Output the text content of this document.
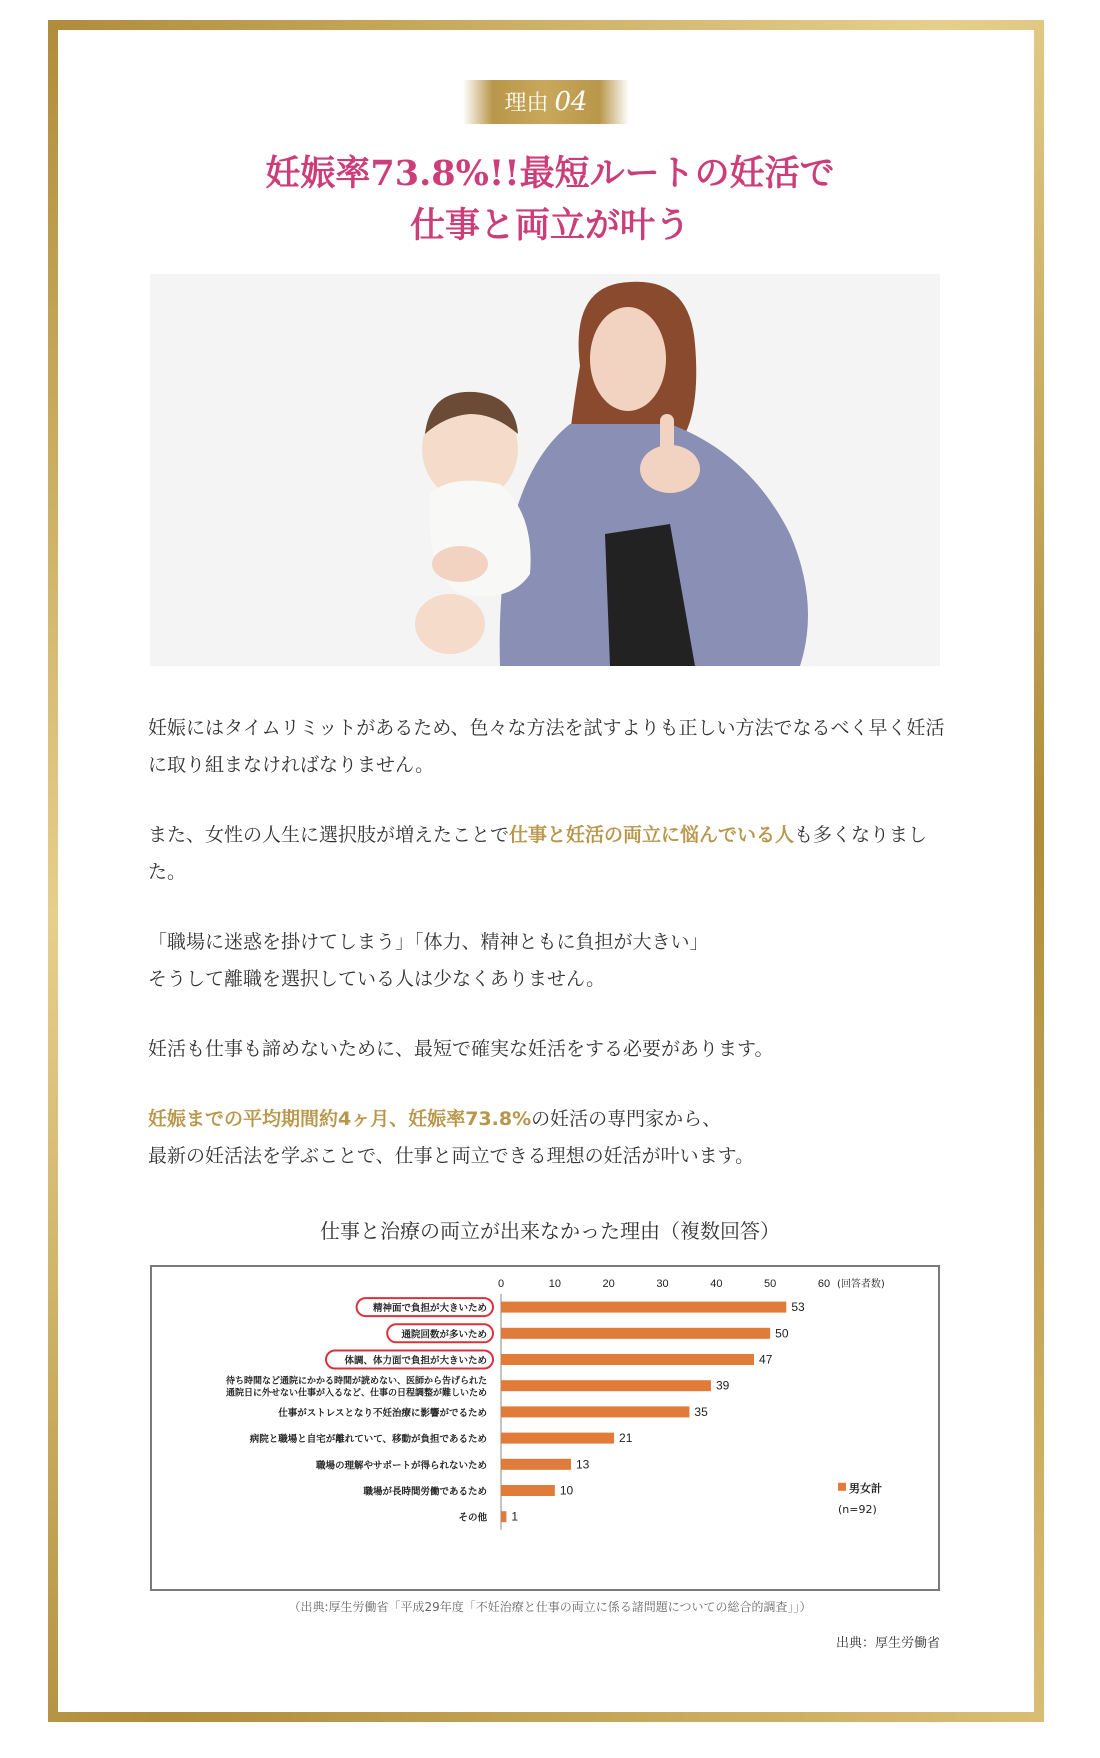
理由 04
妊娠率73.8%!!最短ルートの妊活で
仕事と両立が叶う

妊娠にはタイムリミットがあるため、色々な方法を試すよりも正しい方法でなるべく早く妊活に取り組まなければなりません。

また、女性の人生に選択肢が増えたことで仕事と妊活の両立に悩んでいる人も多くなりました。

「職場に迷惑を掛けてしまう」「体力、精神ともに負担が大きい」
そうして離職を選択している人は少なくありません。

妊活も仕事も諦めないために、最短で確実な妊活をする必要があります。

妊娠までの平均期間約4ヶ月、妊娠率73.8%の妊活の専門家から、
最新の妊活法を学ぶことで、仕事と両立できる理想の妊活が叶います。

仕事と治療の両立が出来なかった理由（複数回答）
0	10	20	30	40	50	60 (回答者数)
53
精神面で負担が大きいため
50
通院回数が多いため
47
体調、体力面で負担が大きいため
39
待ち時間など通院にかかる時間が読めない、医師から告げられた
通院日に外せない仕事が入るなど、仕事の日程調整が難しいため
35
仕事がストレスとなり不妊治療に影響がでるため
21
病院と職場と自宅が離れていて、移動が負担であるため
13
職場の理解やサポートが得られないため
10
職場が長時間労働であるため
1
その他
男女計
(n=92)
（出典:厚生労働省「平成29年度「不妊治療と仕事の両立に係る諸問題についての総合的調査」」）
出典：厚生労働省
